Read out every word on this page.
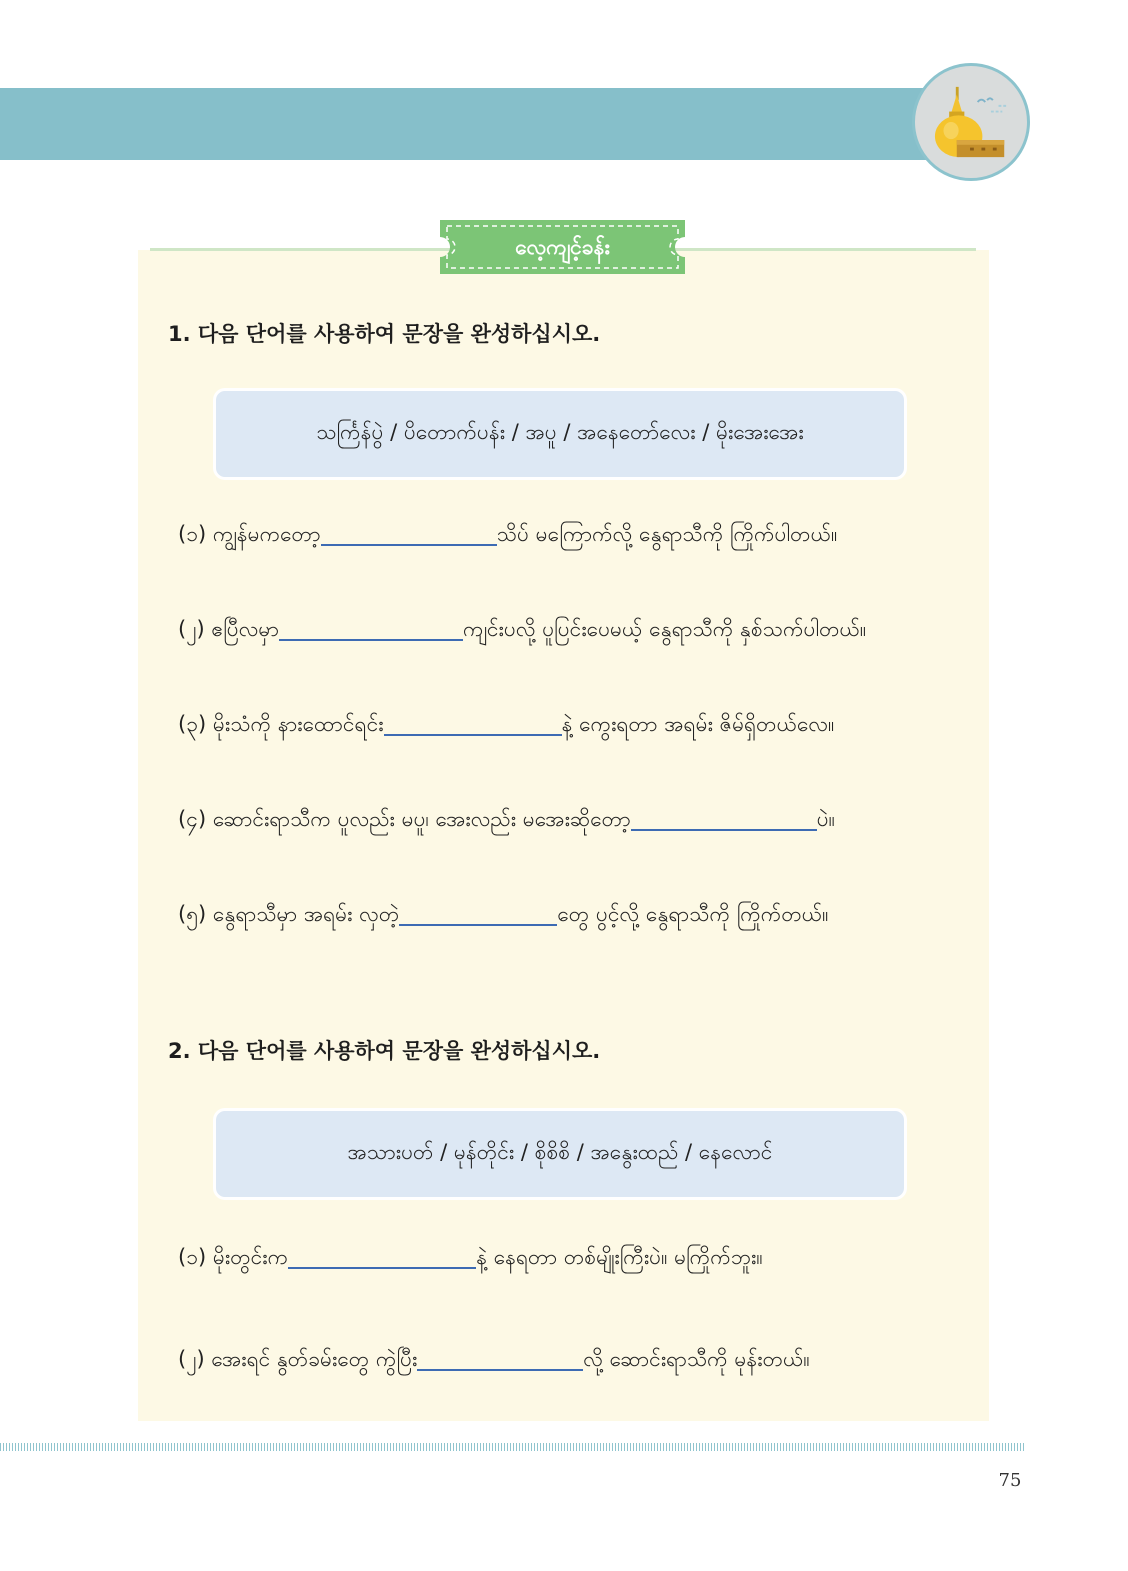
လေ့ကျင့်ခန်း
1. 다음 단어를 사용하여 문장을 완성하십시오.
သင်္ကြန်ပွဲ / ပိတောက်ပန်း / အပူ / အနေတော်လေး / မိုးအေးအေး
(၁) ကျွန်မကတော့	သိပ် မကြောက်လို့ နွေရာသီကို ကြိုက်ပါတယ်။
(၂) ဧပြီလမှာ	ကျင်းပလို့ ပူပြင်းပေမယ့် နွေရာသီကို နှစ်သက်ပါတယ်။
(၃) မိုးသံကို နားထောင်ရင်း	နဲ့ ကွေးရတာ အရမ်း ဇိမ်ရှိတယ်လေ။
(၄) ဆောင်းရာသီက ပူလည်း မပူ၊ အေးလည်း မအေးဆိုတော့	ပဲ။
(၅) နွေရာသီမှာ အရမ်း လှတဲ့	တွေ ပွင့်လို့ နွေရာသီကို ကြိုက်တယ်။
2. 다음 단어를 사용하여 문장을 완성하십시오.
အသားပတ် / မုန်တိုင်း / စိုစိစိ / အနွေးထည် / နေလောင်
(၁) မိုးတွင်းက	နဲ့ နေရတာ တစ်မျိုးကြီးပဲ။ မကြိုက်ဘူး။
(၂) အေးရင် နွတ်ခမ်းတွေ ကွဲပြီး	လို့ ဆောင်းရာသီကို မုန်းတယ်။
75
